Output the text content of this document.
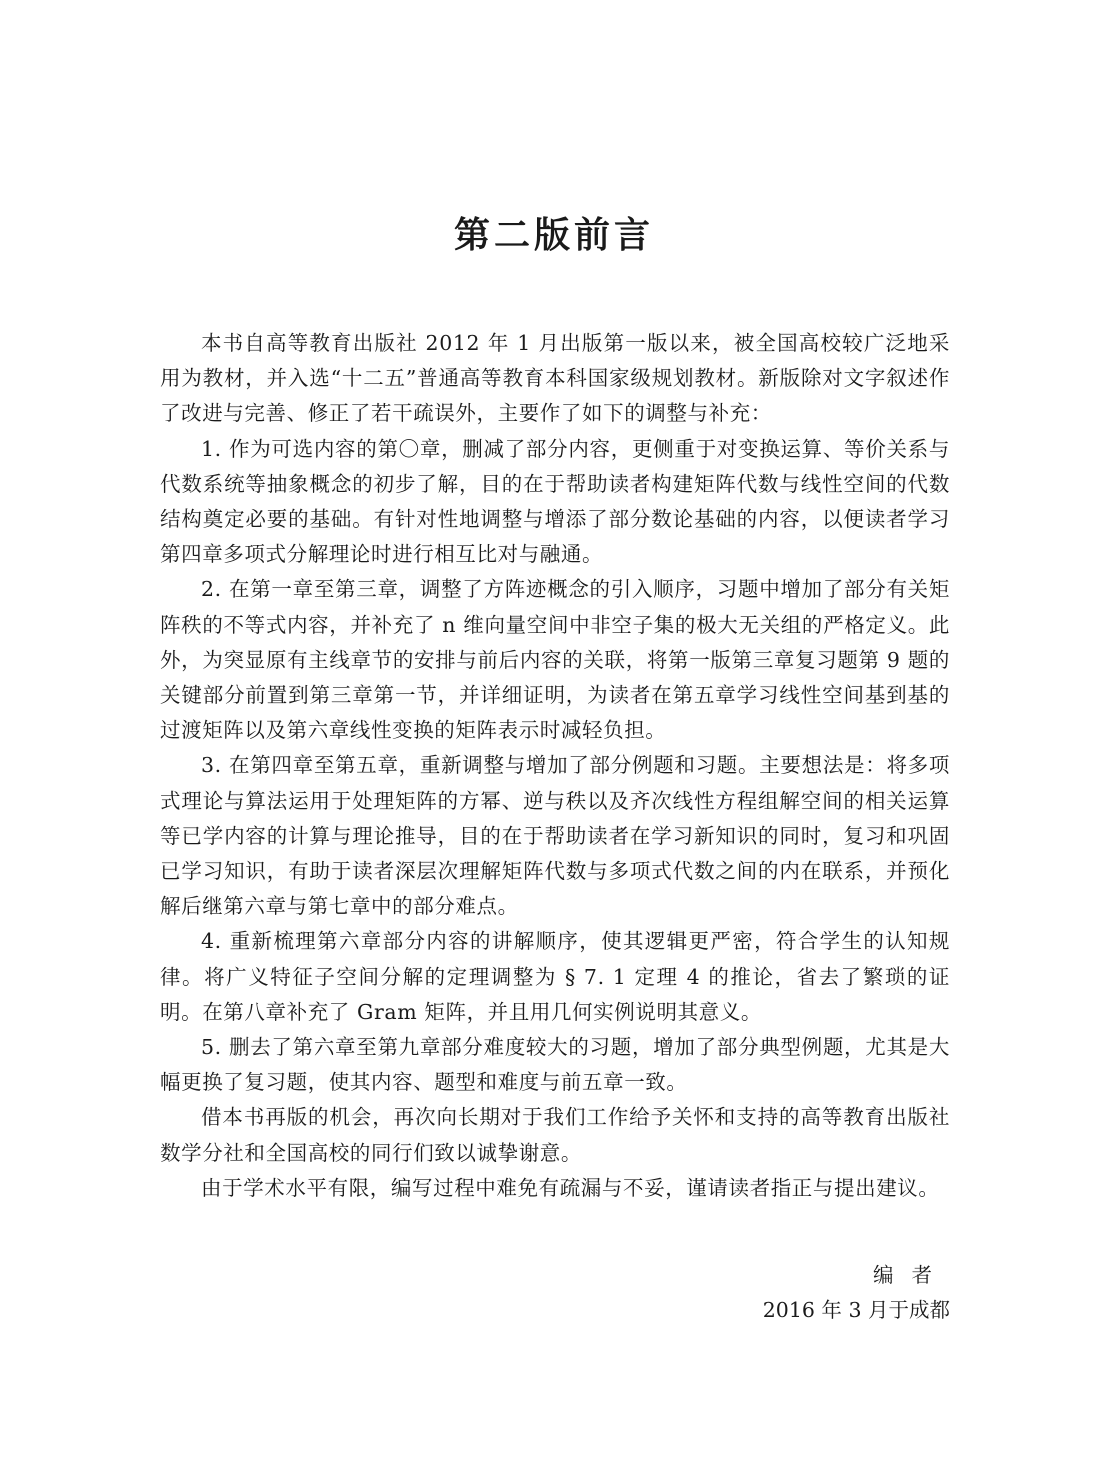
第二版前言

本书自高等教育出版社 2012 年 1 月出版第一版以来，被全国高校较广泛地采用为教材，并入选“十二五”普通高等教育本科国家级规划教材。新版除对文字叙述作了改进与完善、修正了若干疏误外，主要作了如下的调整与补充：

1. 作为可选内容的第〇章，删减了部分内容，更侧重于对变换运算、等价关系与代数系统等抽象概念的初步了解，目的在于帮助读者构建矩阵代数与线性空间的代数结构奠定必要的基础。有针对性地调整与增添了部分数论基础的内容，以便读者学习第四章多项式分解理论时进行相互比对与融通。

2. 在第一章至第三章，调整了方阵迹概念的引入顺序，习题中增加了部分有关矩阵秩的不等式内容，并补充了 n 维向量空间中非空子集的极大无关组的严格定义。此外，为突显原有主线章节的安排与前后内容的关联，将第一版第三章复习题第 9 题的关键部分前置到第三章第一节，并详细证明，为读者在第五章学习线性空间基到基的过渡矩阵以及第六章线性变换的矩阵表示时减轻负担。

3. 在第四章至第五章，重新调整与增加了部分例题和习题。主要想法是：将多项式理论与算法运用于处理矩阵的方幂、逆与秩以及齐次线性方程组解空间的相关运算等已学内容的计算与理论推导，目的在于帮助读者在学习新知识的同时，复习和巩固已学习知识，有助于读者深层次理解矩阵代数与多项式代数之间的内在联系，并预化解后继第六章与第七章中的部分难点。

4. 重新梳理第六章部分内容的讲解顺序，使其逻辑更严密，符合学生的认知规律。将广义特征子空间分解的定理调整为 § 7. 1 定理 4 的推论，省去了繁琐的证明。在第八章补充了 Gram 矩阵，并且用几何实例说明其意义。

5. 删去了第六章至第九章部分难度较大的习题，增加了部分典型例题，尤其是大幅更换了复习题，使其内容、题型和难度与前五章一致。

借本书再版的机会，再次向长期对于我们工作给予关怀和支持的高等教育出版社数学分社和全国高校的同行们致以诚挚谢意。

由于学术水平有限，编写过程中难免有疏漏与不妥，谨请读者指正与提出建议。

编者
2016 年 3 月于成都
